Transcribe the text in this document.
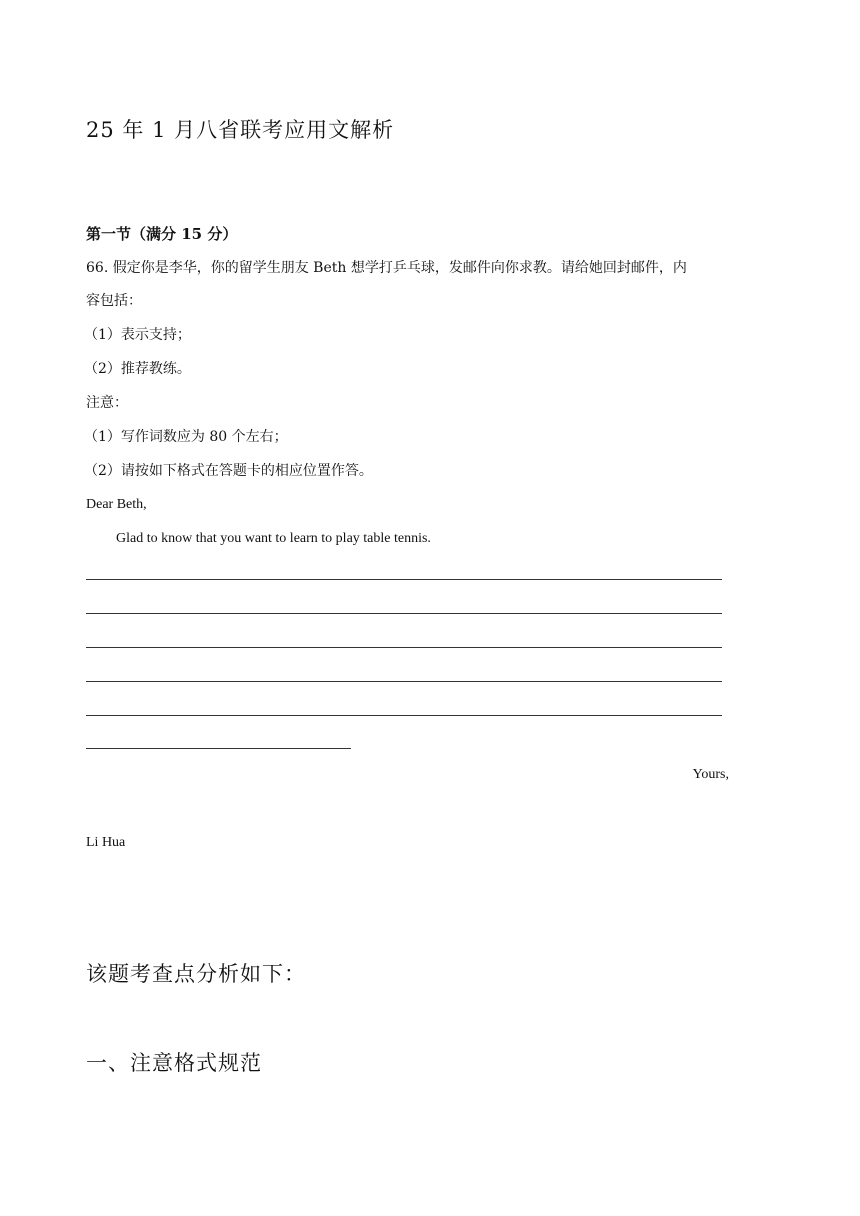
25 年 1 月八省联考应用文解析
第一节（满分 15 分）
66. 假定你是李华，你的留学生朋友 Beth 想学打乒乓球，发邮件向你求教。请给她回封邮件，内
容包括：
（1）表示支持；
（2）推荐教练。
注意：
（1）写作词数应为 80 个左右；
（2）请按如下格式在答题卡的相应位置作答。
Dear Beth,
Glad to know that you want to learn to play table tennis.
Yours,
Li Hua
该题考查点分析如下：
一、注意格式规范
